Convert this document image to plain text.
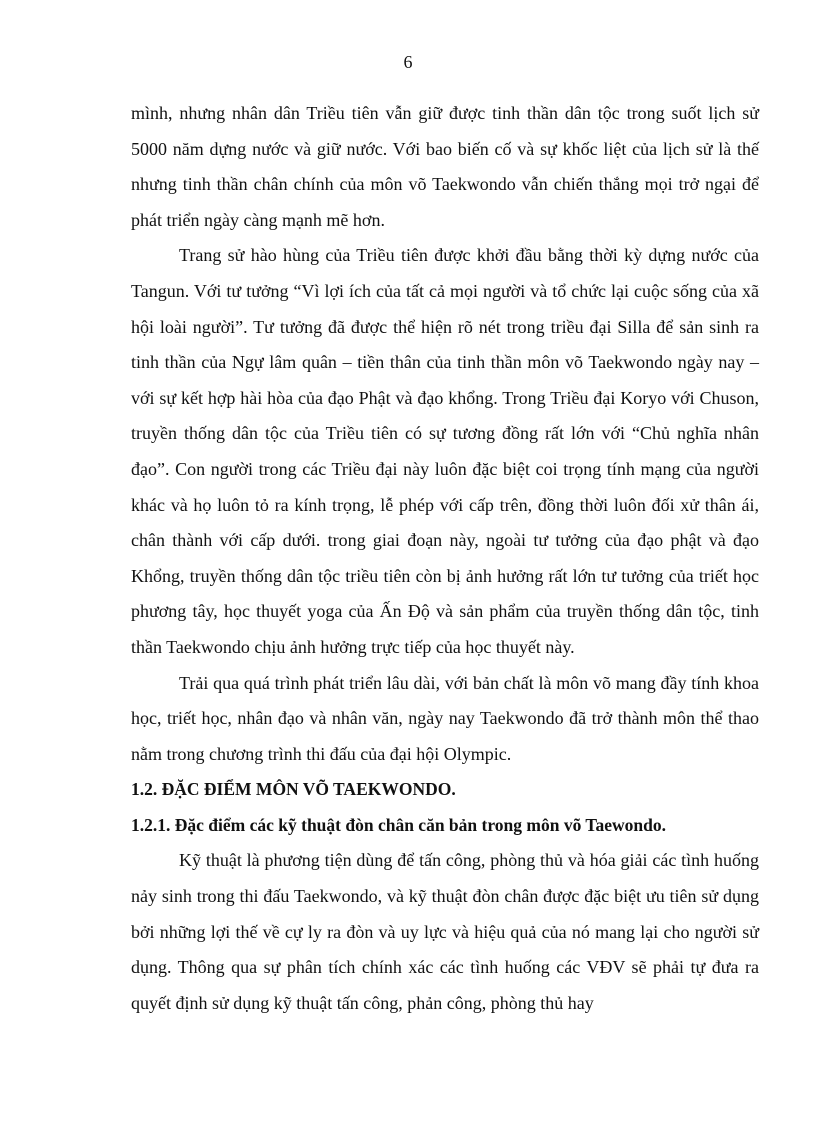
6

mình, nhưng nhân dân Triều tiên vẫn giữ được tinh thần dân tộc trong suốt lịch sử 5000 năm dựng nước và giữ nước. Với bao biến cố và sự khốc liệt của lịch sử là thế nhưng tinh thần chân chính của môn võ Taekwondo vẫn chiến thắng mọi trở ngại để phát triển ngày càng mạnh mẽ hơn.

Trang sử hào hùng của Triều tiên được khởi đầu bằng thời kỳ dựng nước của Tangun. Với tư tưởng “Vì lợi ích của tất cả mọi người và tổ chức lại cuộc sống của xã hội loài người”. Tư tưởng đã được thể hiện rõ nét trong triều đại Silla để sản sinh ra tinh thần của Ngự lâm quân – tiền thân của tinh thần môn võ Taekwondo ngày nay – với sự kết hợp hài hòa của đạo Phật và đạo khổng. Trong Triều đại Koryo với Chuson, truyền thống dân tộc của Triều tiên có sự tương đồng rất lớn với “Chủ nghĩa nhân đạo”. Con người trong các Triều đại này luôn đặc biệt coi trọng tính mạng của người khác và họ luôn tỏ ra kính trọng, lễ phép với cấp trên, đồng thời luôn đối xử thân ái, chân thành với cấp dưới. trong giai đoạn này, ngoài tư tưởng của đạo phật và đạo Khổng, truyền thống dân tộc triều tiên còn bị ảnh hưởng rất lớn tư tưởng của triết học phương tây, học thuyết yoga của Ấn Độ và sản phẩm của truyền thống dân tộc, tinh thần Taekwondo chịu ảnh hưởng trực tiếp của học thuyết này.

Trải qua quá trình phát triển lâu dài, với bản chất là môn võ mang đầy tính khoa học, triết học, nhân đạo và nhân văn, ngày nay Taekwondo đã trở thành môn thể thao nằm trong chương trình thi đấu của đại hội Olympic.

1.2. ĐẶC ĐIỂM MÔN VÕ TAEKWONDO.
1.2.1. Đặc điểm các kỹ thuật đòn chân căn bản trong môn võ Taewondo.

Kỹ thuật là phương tiện dùng để tấn công, phòng thủ và hóa giải các tình huống nảy sinh trong thi đấu Taekwondo, và kỹ thuật đòn chân được đặc biệt ưu tiên sử dụng bởi những lợi thế về cự ly ra đòn và uy lực và hiệu quả của nó mang lại cho người sử dụng. Thông qua sự phân tích chính xác các tình huống các VĐV sẽ phải tự đưa ra quyết định sử dụng kỹ thuật tấn công, phản công, phòng thủ hay
